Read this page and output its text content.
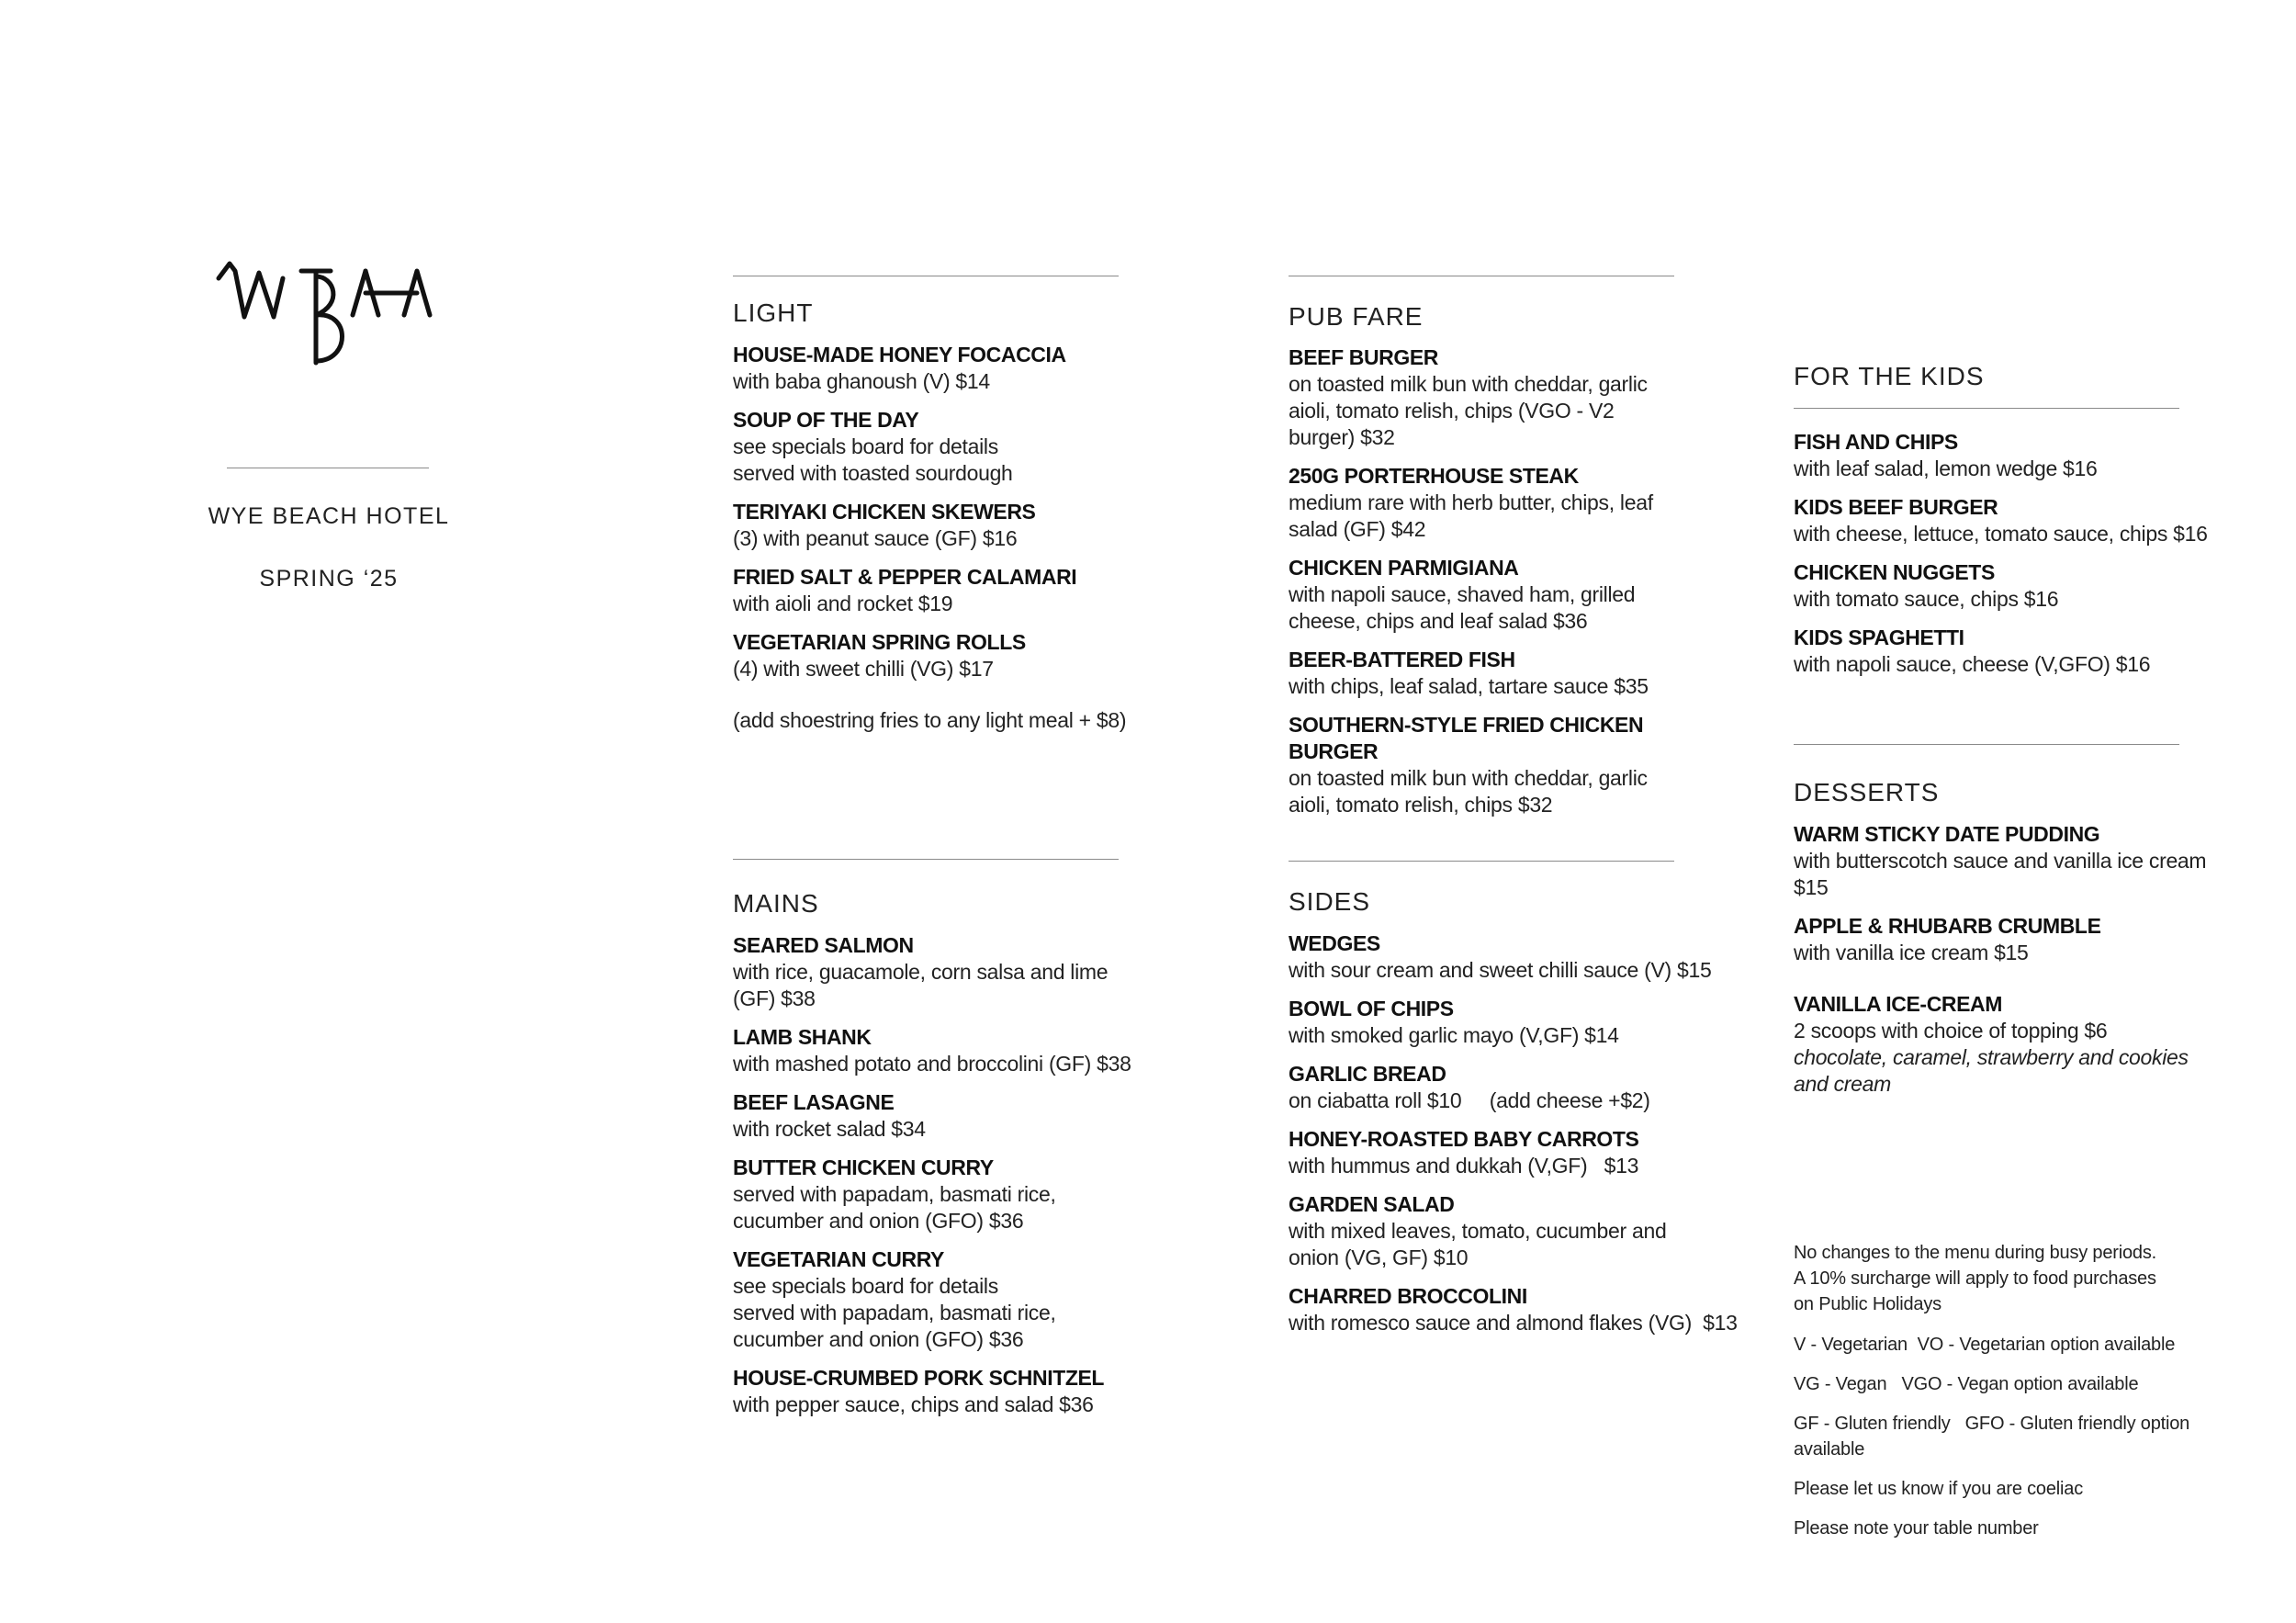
WYE BEACH HOTEL
SPRING ‘25
LIGHT
HOUSE-MADE HONEY FOCACCIA
with baba ghanoush (V) $14
SOUP OF THE DAY
see specials board for details
served with toasted sourdough
TERIYAKI CHICKEN SKEWERS
(3) with peanut sauce (GF) $16
FRIED SALT & PEPPER CALAMARI
with aioli and rocket $19
VEGETARIAN SPRING ROLLS
(4) with sweet chilli (VG) $17
(add shoestring fries to any light meal + $8)
MAINS
SEARED SALMON
with rice, guacamole, corn salsa and lime
(GF) $38
LAMB SHANK
with mashed potato and broccolini (GF) $38
BEEF LASAGNE
with rocket salad $34
BUTTER CHICKEN CURRY
served with papadam, basmati rice,
cucumber and onion (GFO) $36
VEGETARIAN CURRY
see specials board for details
served with papadam, basmati rice,
cucumber and onion (GFO) $36
HOUSE-CRUMBED PORK SCHNITZEL
with pepper sauce, chips and salad $36
PUB FARE
BEEF BURGER
on toasted milk bun with cheddar, garlic
aioli, tomato relish, chips (VGO - V2
burger) $32
250G PORTERHOUSE STEAK
medium rare with herb butter, chips, leaf
salad (GF) $42
CHICKEN PARMIGIANA
with napoli sauce, shaved ham, grilled
cheese, chips and leaf salad $36
BEER-BATTERED FISH
with chips, leaf salad, tartare sauce $35
SOUTHERN-STYLE FRIED CHICKEN BURGER
on toasted milk bun with cheddar, garlic
aioli, tomato relish, chips $32
SIDES
WEDGES
with sour cream and sweet chilli sauce (V) $15
BOWL OF CHIPS
with smoked garlic mayo (V,GF) $14
GARLIC BREAD
on ciabatta roll $10     (add cheese +$2)
HONEY-ROASTED BABY CARROTS
with hummus and dukkah (V,GF)   $13
GARDEN SALAD
with mixed leaves, tomato, cucumber and
onion (VG, GF) $10
CHARRED BROCCOLINI
with romesco sauce and almond flakes (VG)  $13
FOR THE KIDS
FISH AND CHIPS
with leaf salad, lemon wedge $16
KIDS BEEF BURGER
with cheese, lettuce, tomato sauce, chips $16
CHICKEN NUGGETS
with tomato sauce, chips $16
KIDS SPAGHETTI
with napoli sauce, cheese (V,GFO) $16
DESSERTS
WARM STICKY DATE PUDDING
with butterscotch sauce and vanilla ice cream
$15
APPLE & RHUBARB CRUMBLE
with vanilla ice cream $15
VANILLA ICE-CREAM
2 scoops with choice of topping $6
chocolate, caramel, strawberry and cookies
and cream
No changes to the menu during busy periods.
A 10% surcharge will apply to food purchases
on Public Holidays
V - Vegetarian  VO - Vegetarian option available
VG - Vegan   VGO - Vegan option available
GF - Gluten friendly   GFO - Gluten friendly option
available
Please let us know if you are coeliac
Please note your table number
